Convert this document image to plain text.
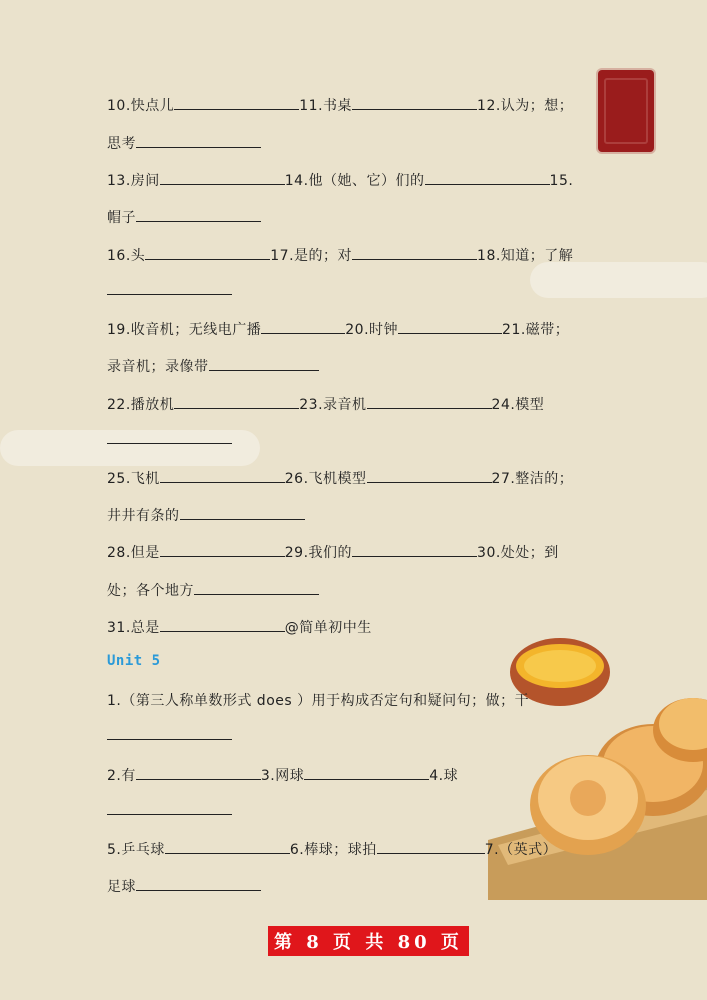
10.快点儿	11.书桌	12.认为；想；
思考
13.房间	14.他（她、它）们的	15.
帽子
16.头	17.是的；对	18.知道；了解
19.收音机；无线电广播	20.时钟	21.磁带；
录音机；录像带
22.播放机	23.录音机	24.模型
25.飞机	26.飞机模型	27.整洁的；
井井有条的
28.但是	29.我们的	30.处处；到
处；各个地方
31.总是	@简单初中生
Unit 5
1.（第三人称单数形式 does ）用于构成否定句和疑问句；做；干
2.有	3.网球	4.球
5.乒乓球	6.棒球；球拍	7.（英式）
足球
第 8 页 共 80 页
